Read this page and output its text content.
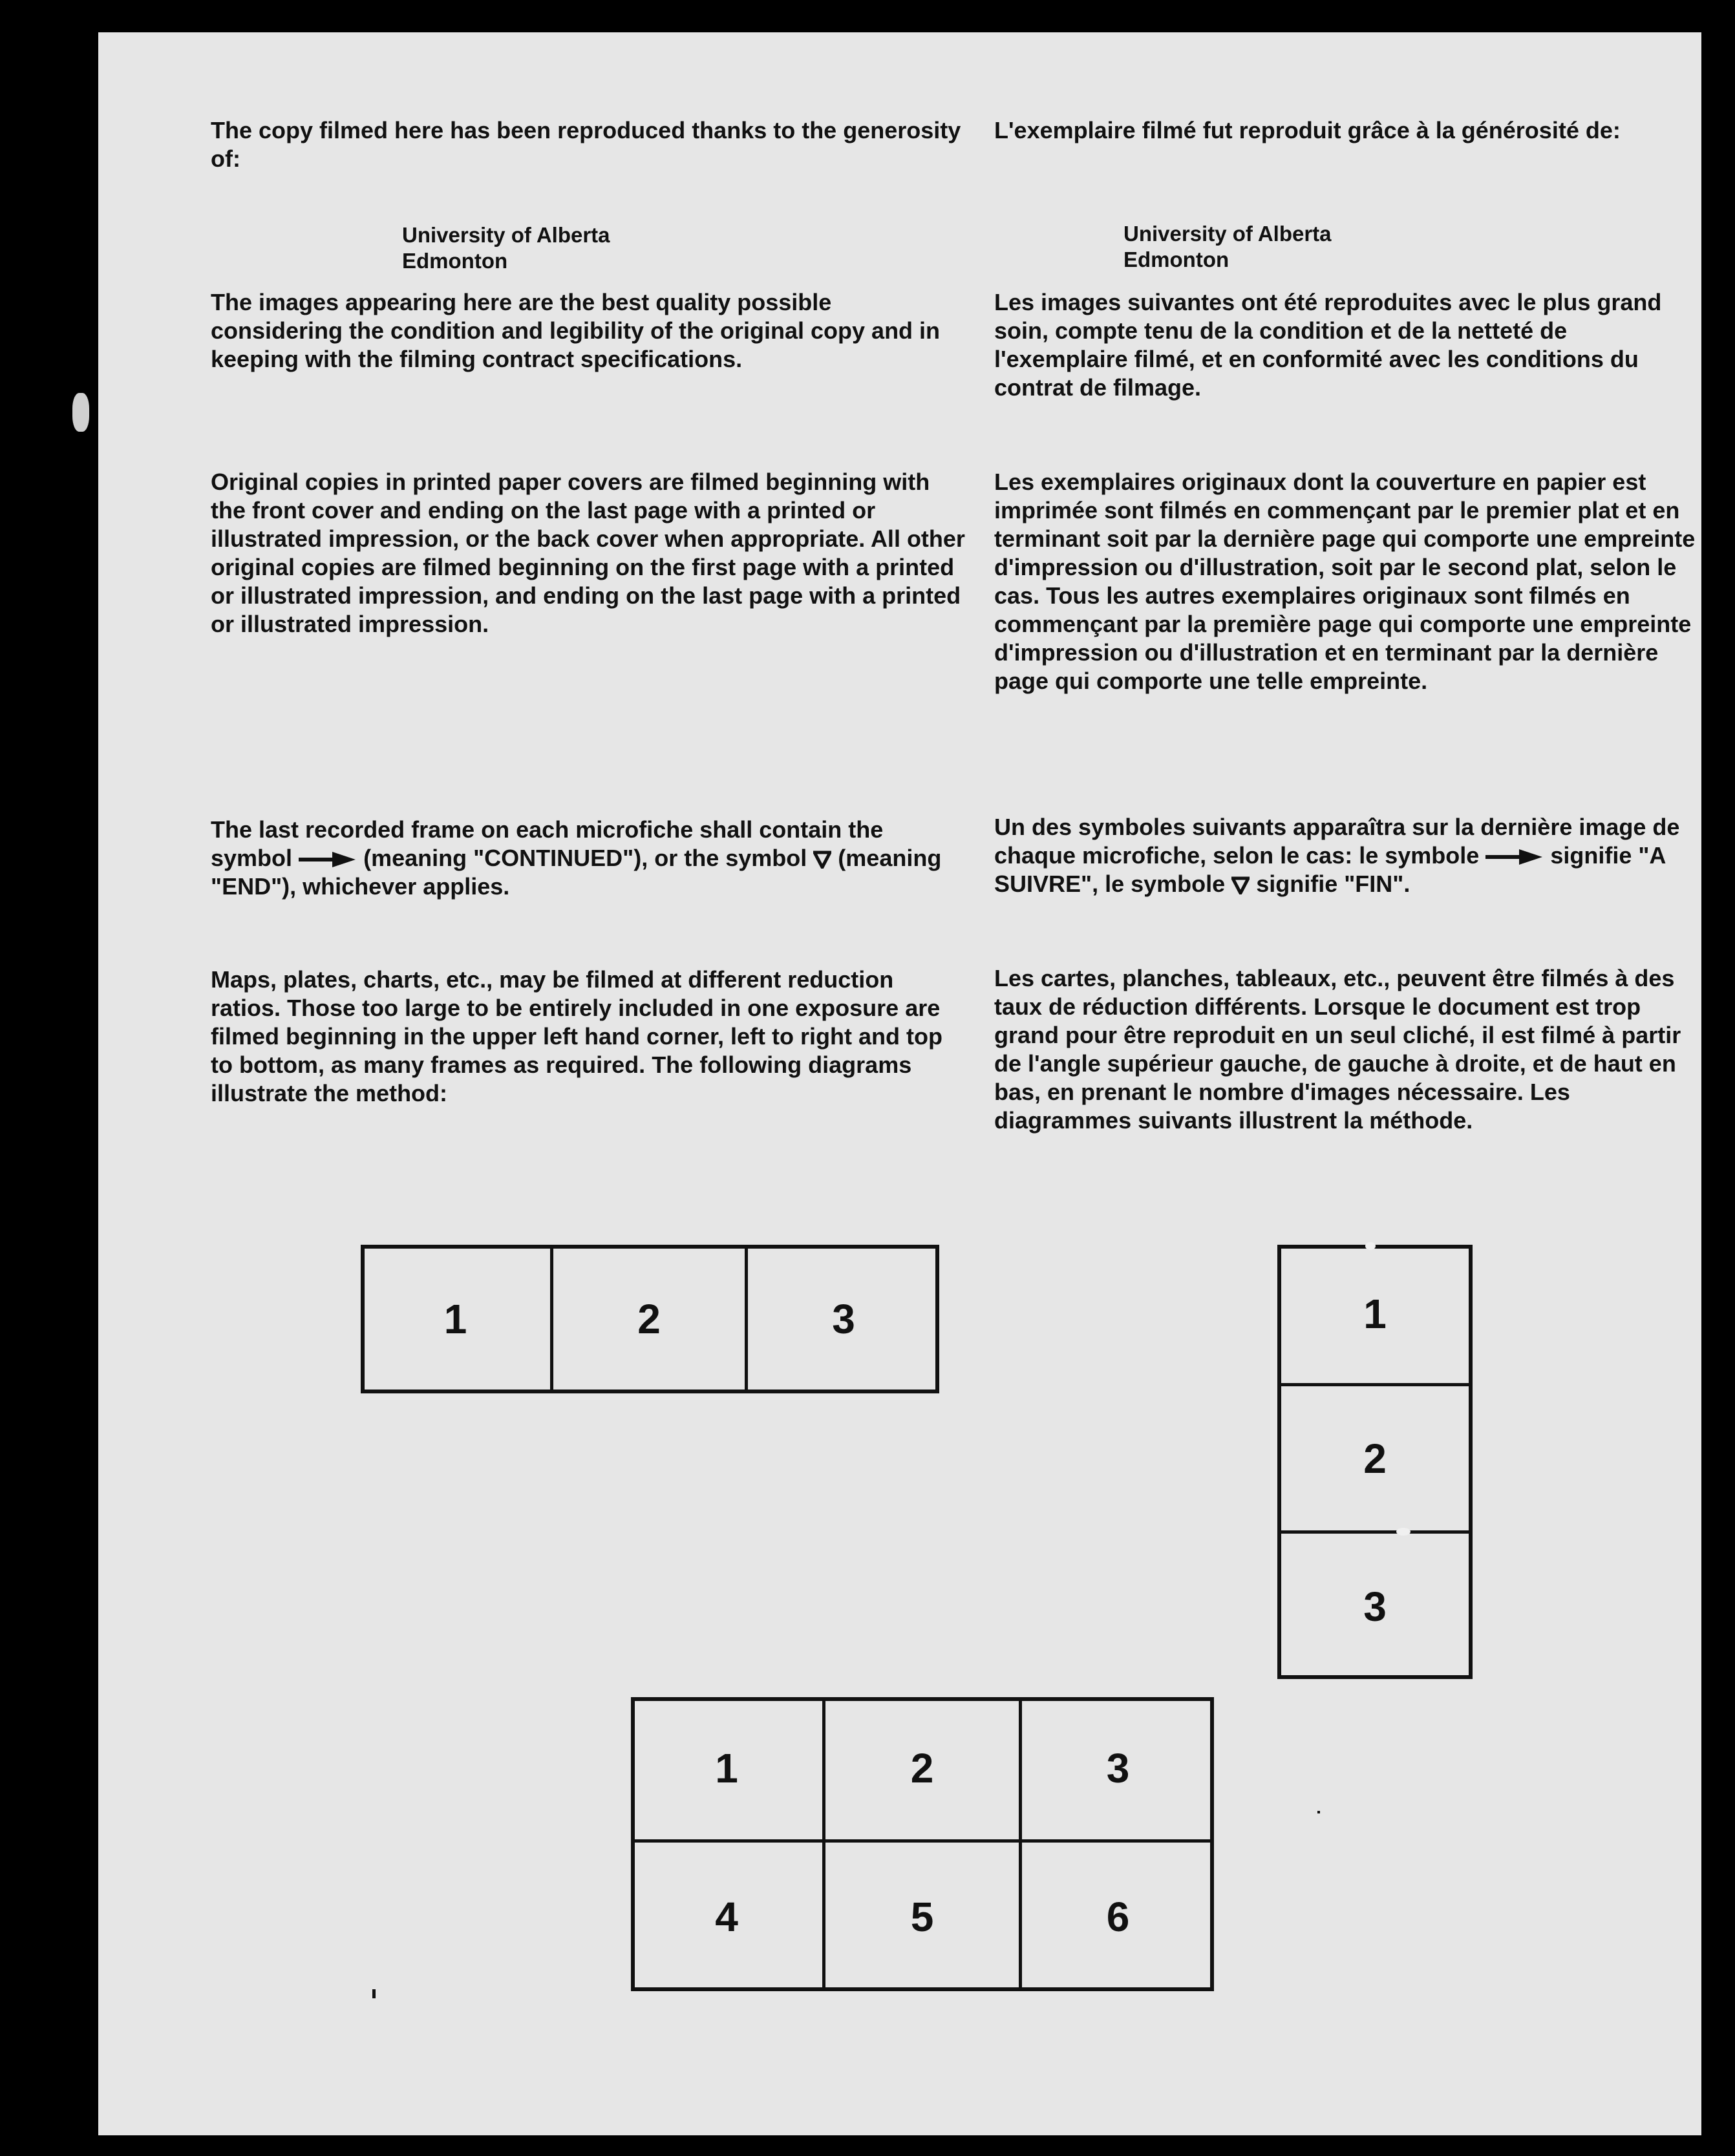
The copy filmed here has been reproduced thanks to the generosity of:

University of Alberta
Edmonton

The images appearing here are the best quality possible considering the condition and legibility of the original copy and in keeping with the filming contract specifications.

Original copies in printed paper covers are filmed beginning with the front cover and ending on the last page with a printed or illustrated impression, or the back cover when appropriate. All other original copies are filmed beginning on the first page with a printed or illustrated impression, and ending on the last page with a printed or illustrated impression.

The last recorded frame on each microfiche shall contain the symbol	(meaning "CONTINUED"), or the symbol (meaning "END"), whichever applies.

Maps, plates, charts, etc., may be filmed at different reduction ratios. Those too large to be entirely included in one exposure are filmed beginning in the upper left hand corner, left to right and top to bottom, as many frames as required. The following diagrams illustrate the method:

L'exemplaire filmé fut reproduit grâce à la générosité de:

University of Alberta
Edmonton

Les images suivantes ont été reproduites avec le plus grand soin, compte tenu de la condition et de la netteté de l'exemplaire filmé, et en conformité avec les conditions du contrat de filmage.

Les exemplaires originaux dont la couverture en papier est imprimée sont filmés en commençant par le premier plat et en terminant soit par la dernière page qui comporte une empreinte d'impression ou d'illustration, soit par le second plat, selon le cas. Tous les autres exemplaires originaux sont filmés en commençant par la première page qui comporte une empreinte d'impression ou d'illustration et en terminant par la dernière page qui comporte une telle empreinte.

Un des symboles suivants apparaîtra sur la dernière image de chaque microfiche, selon le cas: le symbole	signifie "A SUIVRE", le symbole signifie "FIN".

Les cartes, planches, tableaux, etc., peuvent être filmés à des taux de réduction différents. Lorsque le document est trop grand pour être reproduit en un seul cliché, il est filmé à partir de l'angle supérieur gauche, de gauche à droite, et de haut en bas, en prenant le nombre d'images nécessaire. Les diagrammes suivants illustrent la méthode.

1	2	3	1
2
3
1	2	3
4	5	6
